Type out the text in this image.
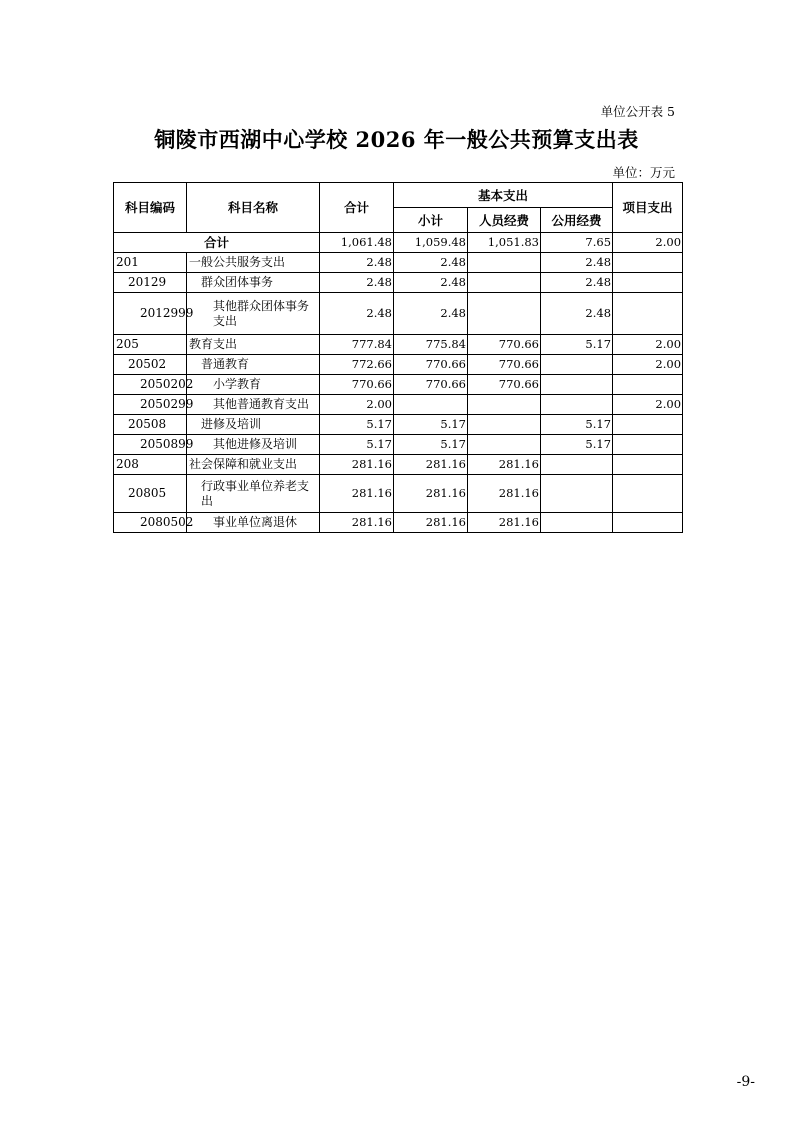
单位公开表 5
铜陵市西湖中心学校 2026 年一般公共预算支出表
单位：万元
科目编码	科目名称	合计	基本支出			项目支出
			小计	人员经费	公用经费	
合计		1,061.48	1,059.48	1,051.83	7.65	2.00
201	一般公共服务支出	2.48	2.48		2.48	
20129	群众团体事务	2.48	2.48		2.48	
2012999	其他群众团体事务支出	2.48	2.48		2.48	
205	教育支出	777.84	775.84	770.66	5.17	2.00
20502	普通教育	772.66	770.66	770.66		2.00
2050202	小学教育	770.66	770.66	770.66		
2050299	其他普通教育支出	2.00				2.00
20508	进修及培训	5.17	5.17		5.17	
2050899	其他进修及培训	5.17	5.17		5.17	
208	社会保障和就业支出	281.16	281.16	281.16		
20805	行政事业单位养老支出	281.16	281.16	281.16		
2080502	事业单位离退休	281.16	281.16	281.16		
-9-
